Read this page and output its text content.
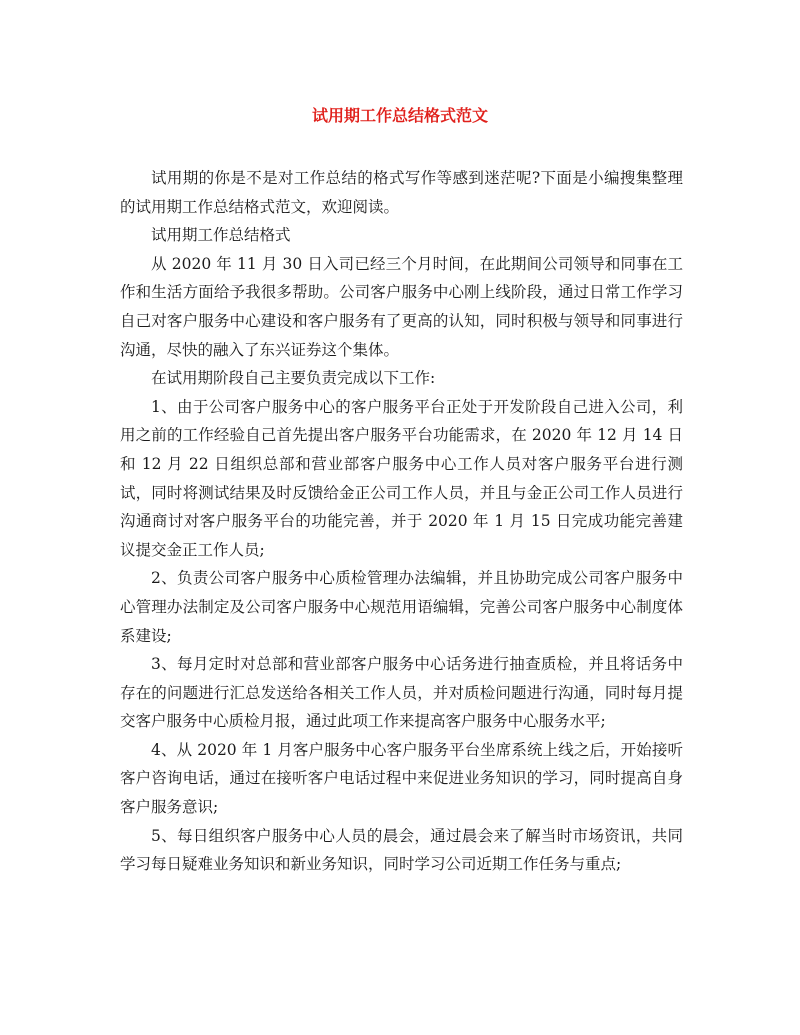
试用期工作总结格式范文

试用期的你是不是对工作总结的格式写作等感到迷茫呢?下面是小编搜集整理的试用期工作总结格式范文，欢迎阅读。

试用期工作总结格式

从 2020 年 11 月 30 日入司已经三个月时间，在此期间公司领导和同事在工作和生活方面给予我很多帮助。公司客户服务中心刚上线阶段，通过日常工作学习自己对客户服务中心建设和客户服务有了更高的认知，同时积极与领导和同事进行沟通，尽快的融入了东兴证券这个集体。

在试用期阶段自己主要负责完成以下工作:

1、由于公司客户服务中心的客户服务平台正处于开发阶段自己进入公司，利用之前的工作经验自己首先提出客户服务平台功能需求，在 2020 年 12 月 14 日和 12 月 22 日组织总部和营业部客户服务中心工作人员对客户服务平台进行测试，同时将测试结果及时反馈给金正公司工作人员，并且与金正公司工作人员进行沟通商讨对客户服务平台的功能完善，并于 2020 年 1 月 15 日完成功能完善建议提交金正工作人员;

2、负责公司客户服务中心质检管理办法编辑，并且协助完成公司客户服务中心管理办法制定及公司客户服务中心规范用语编辑，完善公司客户服务中心制度体系建设;

3、每月定时对总部和营业部客户服务中心话务进行抽查质检，并且将话务中存在的问题进行汇总发送给各相关工作人员，并对质检问题进行沟通，同时每月提交客户服务中心质检月报，通过此项工作来提高客户服务中心服务水平;

4、从 2020 年 1 月客户服务中心客户服务平台坐席系统上线之后，开始接听客户咨询电话，通过在接听客户电话过程中来促进业务知识的学习，同时提高自身客户服务意识;

5、每日组织客户服务中心人员的晨会，通过晨会来了解当时市场资讯，共同学习每日疑难业务知识和新业务知识，同时学习公司近期工作任务与重点;
